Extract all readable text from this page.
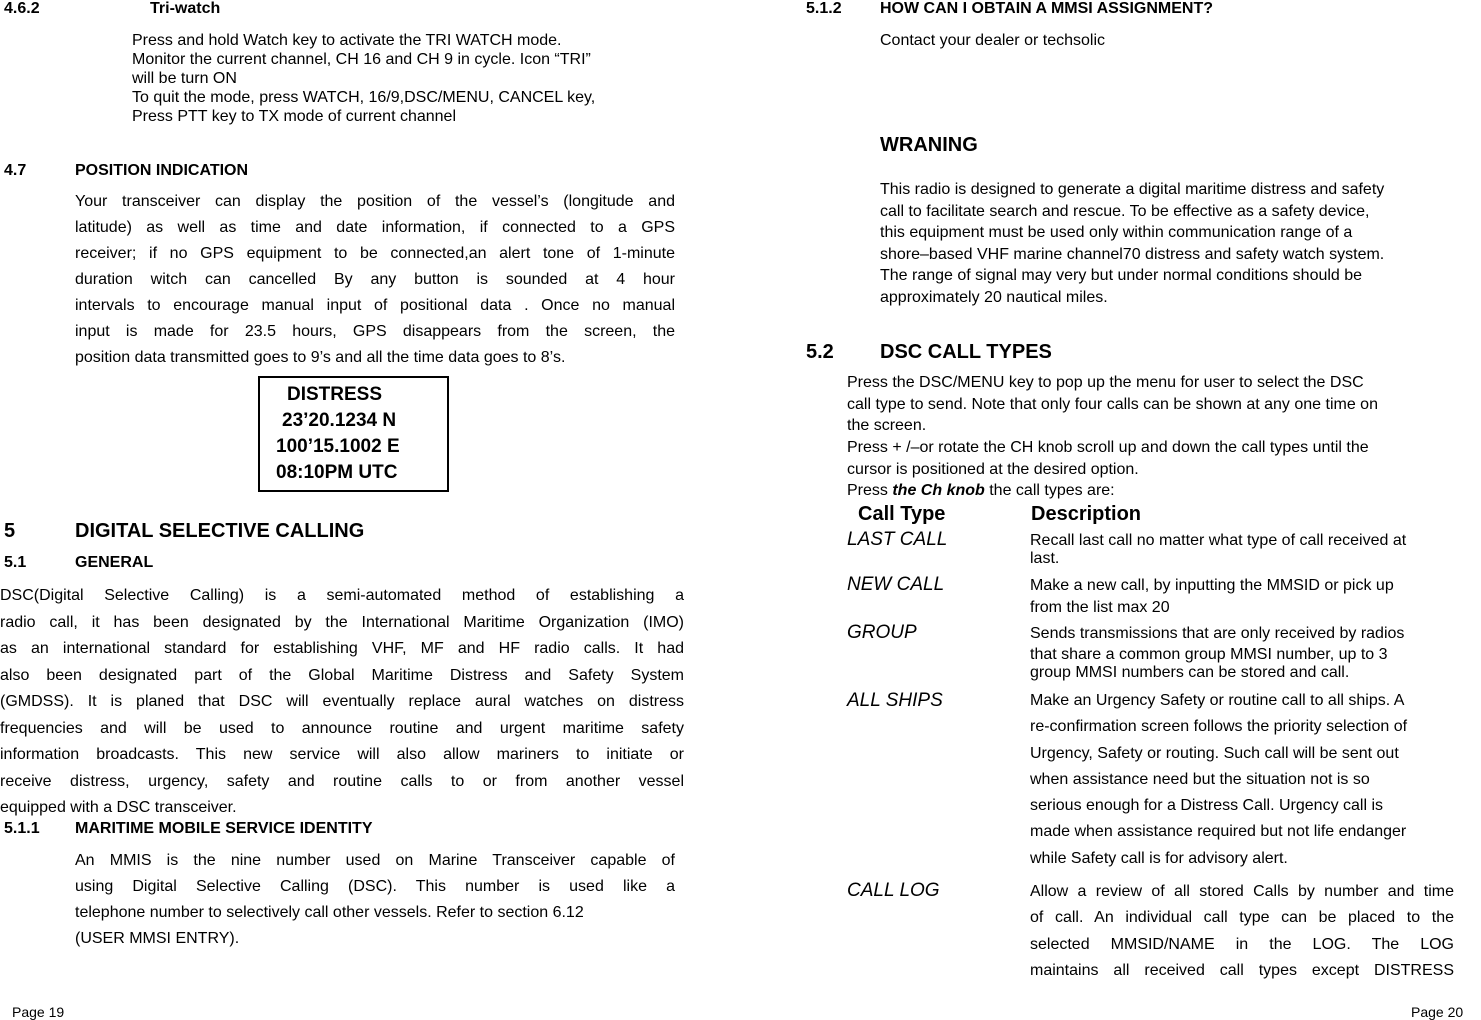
4.6.2	Tri-watch
Press and hold Watch key to activate the TRI WATCH mode.
Monitor the current channel, CH 16 and CH 9 in cycle. Icon “TRI”
will be turn ON
To quit the mode, press WATCH, 16/9,DSC/MENU, CANCEL key,
Press PTT key to TX mode of current channel
4.7	POSITION INDICATION
Your transceiver can display the position of the vessel’s (longitude and
latitude) as well as time and date information, if connected to a GPS
receiver; if no GPS equipment to be connected,an alert tone of 1-minute
duration witch can cancelled By any button is sounded at 4 hour
intervals to encourage manual input of positional data . Once no manual
input is made for 23.5 hours, GPS disappears from the screen, the
position data transmitted goes to 9’s and all the time data goes to 8’s.
DISTRESS
23’20.1234 N
100’15.1002 E
08:10PM UTC
5	DIGITAL SELECTIVE CALLING
5.1	GENERAL
DSC(Digital Selective Calling) is a semi-automated method of establishing a
radio call, it has been designated by the International Maritime Organization (IMO)
as an international standard for establishing VHF, MF and HF radio calls. It had
also been designated part of the Global Maritime Distress and Safety System
(GMDSS). It is planed that DSC will eventually replace aural watches on distress
frequencies and will be used to announce routine and urgent maritime safety
information broadcasts. This new service will also allow mariners to initiate or
receive distress, urgency, safety and routine calls to or from another vessel
equipped with a DSC transceiver.
5.1.1 MARITIME MOBILE SERVICE IDENTITY
An MMIS is the nine number used on Marine Transceiver capable of
using Digital Selective Calling (DSC). This number is used like a
telephone number to selectively call other vessels. Refer to section 6.12
(USER MMSI ENTRY).
Page 19
5.1.2 HOW CAN I OBTAIN A MMSI ASSIGNMENT?
Contact your dealer or techsolic
WRANING
This radio is designed to generate a digital maritime distress and safety
call to facilitate search and rescue. To be effective as a safety device,
this equipment must be used only within communication range of a
shore–based VHF marine channel70 distress and safety watch system.
The range of signal may very but under normal conditions should be
approximately 20 nautical miles.
5.2 DSC CALL TYPES
Press the DSC/MENU key to pop up the menu for user to select the DSC
call type to send. Note that only four calls can be shown at any one time on
the screen.
Press + /–or rotate the CH knob scroll up and down the call types until the
cursor is positioned at the desired option.
Press the Ch knob the call types are:
Call Type	Description
LAST CALL	Recall last call no matter what type of call received at
last.
NEW CALL	Make a new call, by inputting the MMSID or pick up
from the list max 20
GROUP	Sends transmissions that are only received by radios
that share a common group MMSI number, up to 3
group MMSI numbers can be stored and call.
ALL SHIPS	Make an Urgency Safety or routine call to all ships. A
re-confirmation screen follows the priority selection of
Urgency, Safety or routing. Such call will be sent out
when assistance need but the situation not is so
serious enough for a Distress Call. Urgency call is
made when assistance required but not life endanger
while Safety call is for advisory alert.
CALL LOG	Allow a review of all stored Calls by number and time
of call. An individual call type can be placed to the
selected MMSID/NAME in the LOG. The LOG
maintains all received call types except DISTRESS
Page 20
